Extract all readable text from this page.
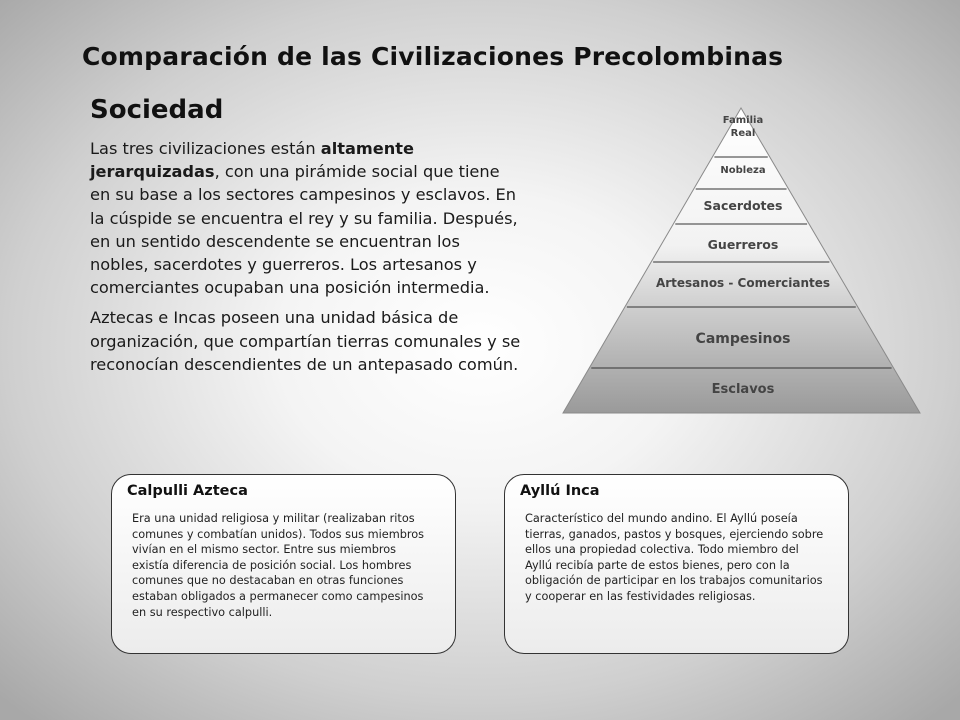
Comparación de las Civilizaciones Precolombinas
Sociedad

Las tres civilizaciones están altamente jerarquizadas, con una pirámide social que tiene en su base a los sectores campesinos y esclavos. En la cúspide se encuentra el rey y su familia. Después, en un sentido descendente se encuentran los nobles, sacerdotes y guerreros. Los artesanos y comerciantes ocupaban una posición intermedia.

Aztecas e Incas poseen una unidad básica de organización, que compartían tierras comunales y se reconocían descendientes de un antepasado común.

Familia
Real
Nobleza
Sacerdotes
Guerreros
Artesanos - Comerciantes
Campesinos
Esclavos
Calpulli Azteca
Era una unidad religiosa y militar (realizaban ritos comunes y combatían unidos). Todos sus miembros vivían en el mismo sector. Entre sus miembros existía diferencia de posición social. Los hombres comunes que no destacaban en otras funciones estaban obligados a permanecer como campesinos en su respectivo calpulli.
Ayllú Inca
Característico del mundo andino. El Ayllú poseía tierras, ganados, pastos y bosques, ejerciendo sobre ellos una propiedad colectiva. Todo miembro del Ayllú recibía parte de estos bienes, pero con la obligación de participar en los trabajos comunitarios y cooperar en las festividades religiosas.
